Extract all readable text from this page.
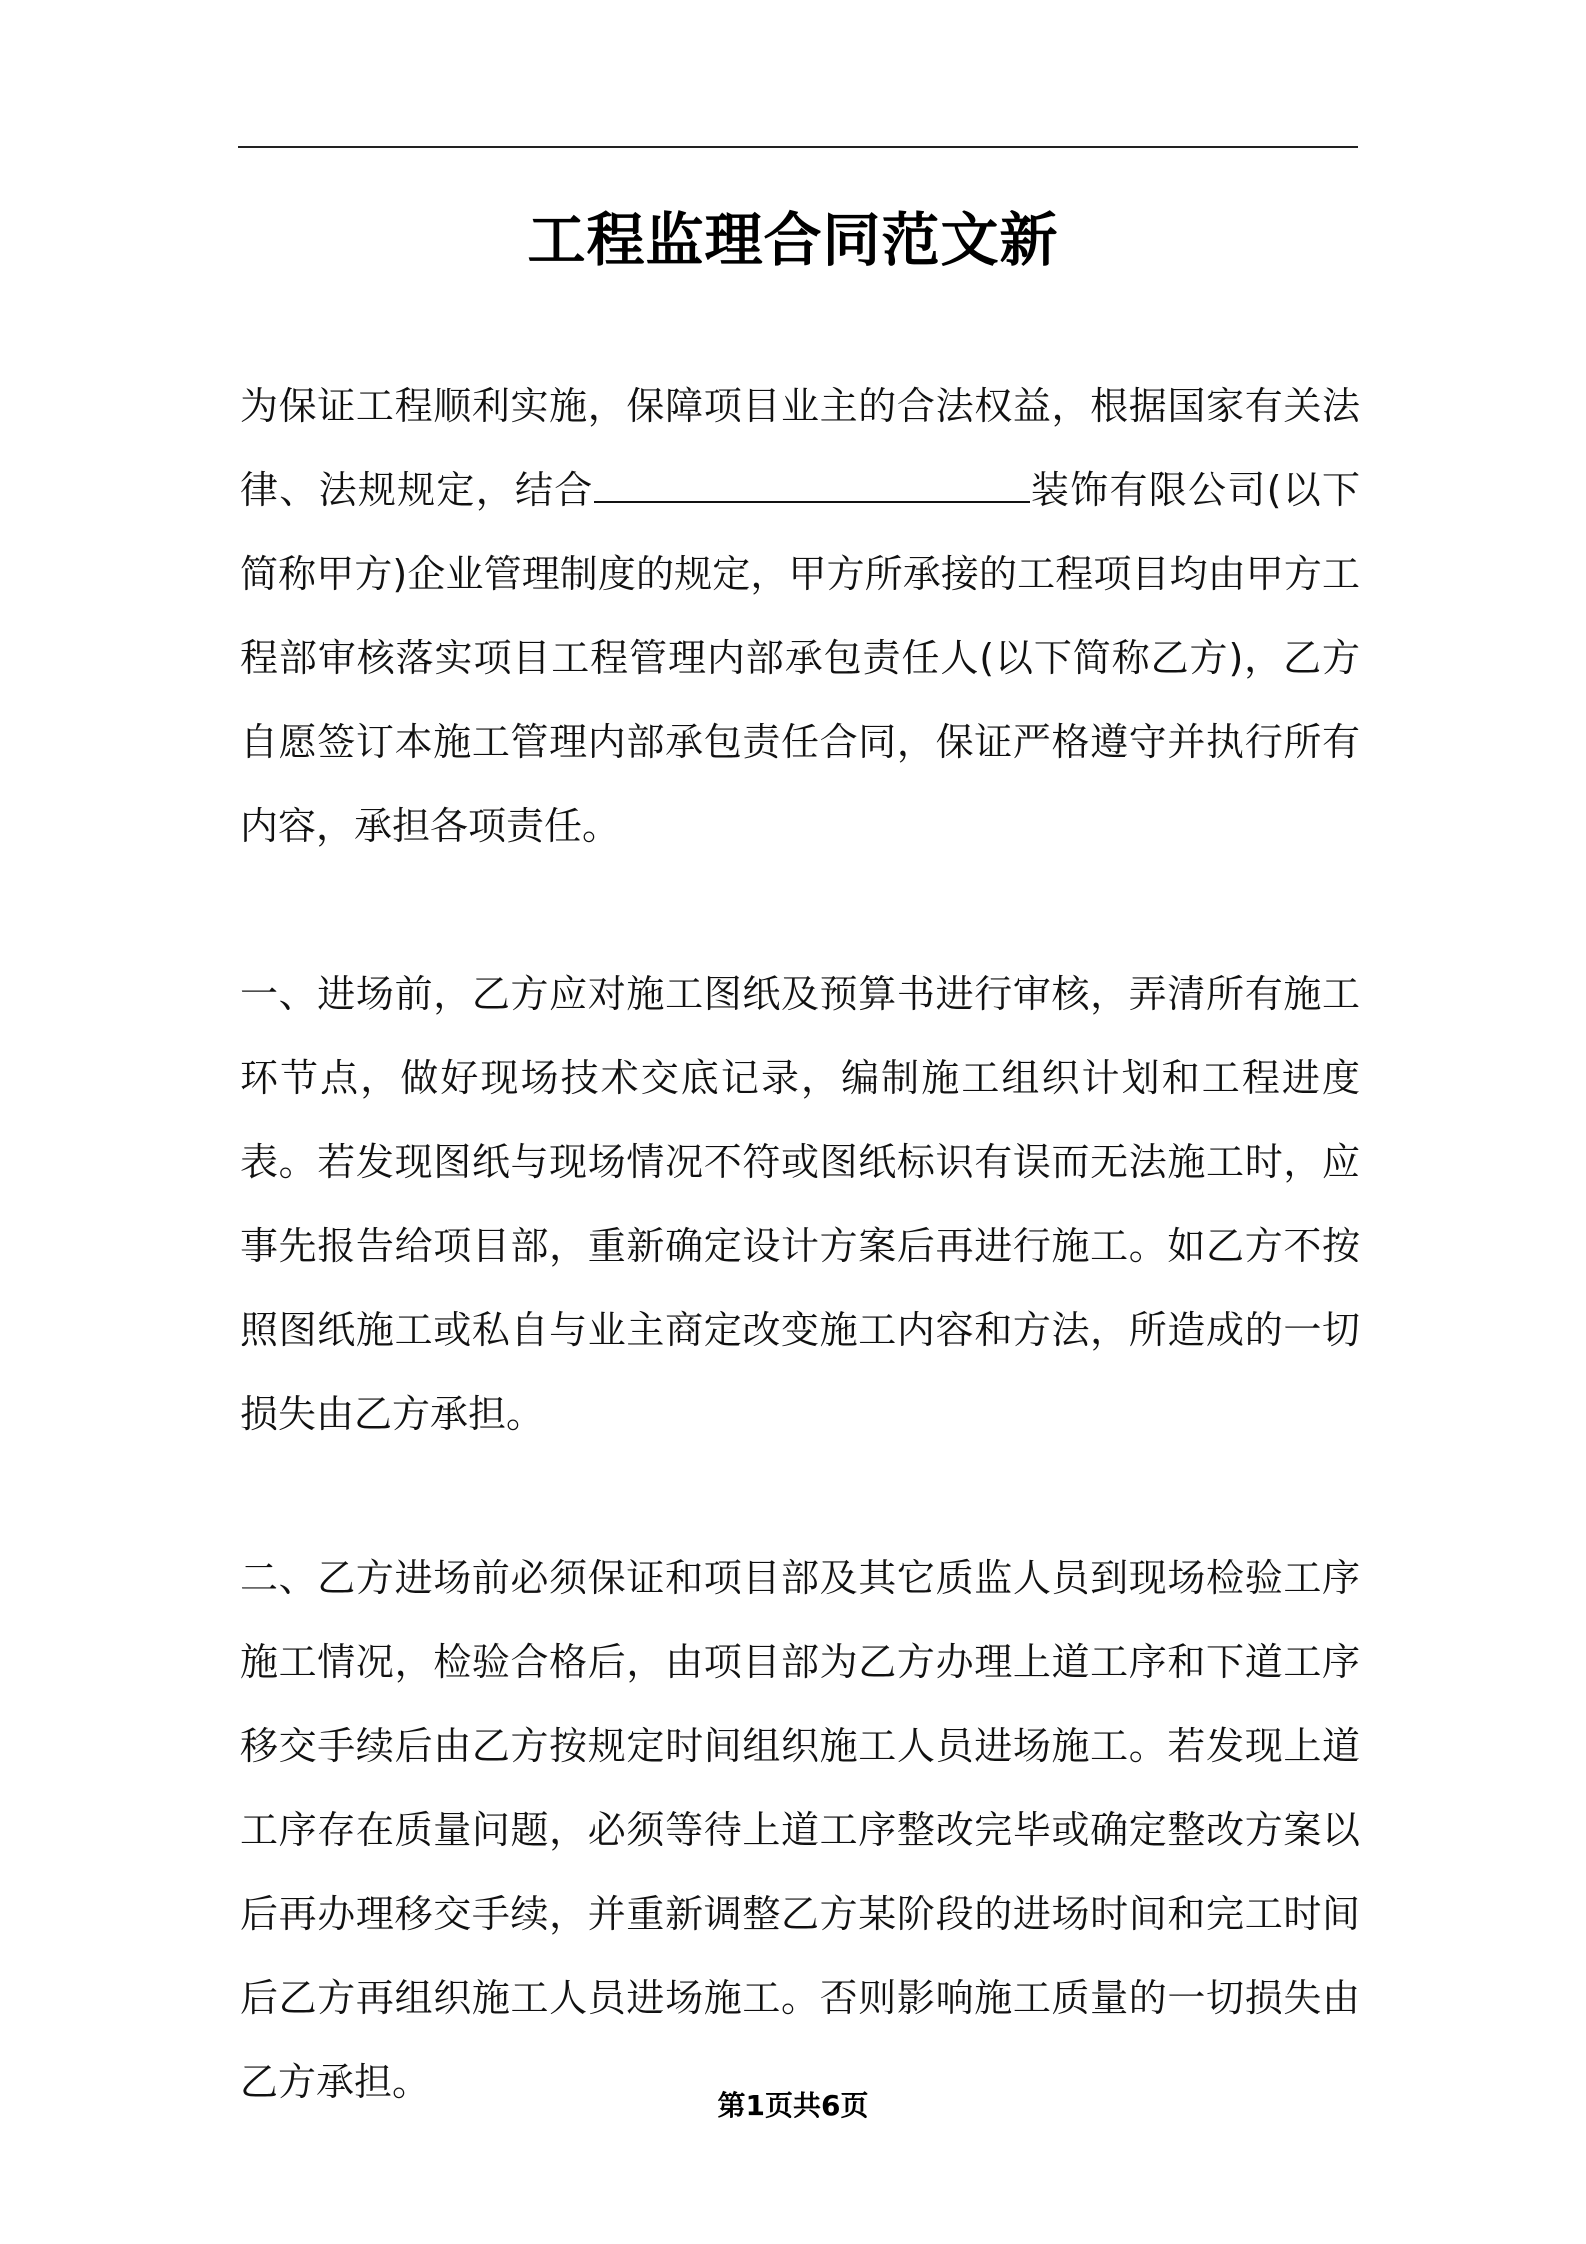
工程监理合同范文新

为保证工程顺利实施，保障项目业主的合法权益，根据国家有关法律、法规规定，结合	装饰有限公司(以下简称甲方)企业管理制度的规定，甲方所承接的工程项目均由甲方工程部审核落实项目工程管理内部承包责任人(以下简称乙方)，乙方自愿签订本施工管理内部承包责任合同，保证严格遵守并执行所有内容，承担各项责任。

一、进场前，乙方应对施工图纸及预算书进行审核，弄清所有施工环节点，做好现场技术交底记录，编制施工组织计划和工程进度表。若发现图纸与现场情况不符或图纸标识有误而无法施工时，应事先报告给项目部，重新确定设计方案后再进行施工。如乙方不按照图纸施工或私自与业主商定改变施工内容和方法，所造成的一切损失由乙方承担。

二、乙方进场前必须保证和项目部及其它质监人员到现场检验工序施工情况，检验合格后，由项目部为乙方办理上道工序和下道工序移交手续后由乙方按规定时间组织施工人员进场施工。若发现上道工序存在质量问题，必须等待上道工序整改完毕或确定整改方案以后再办理移交手续，并重新调整乙方某阶段的进场时间和完工时间后乙方再组织施工人员进场施工。否则影响施工质量的一切损失由乙方承担。

第1页共6页
